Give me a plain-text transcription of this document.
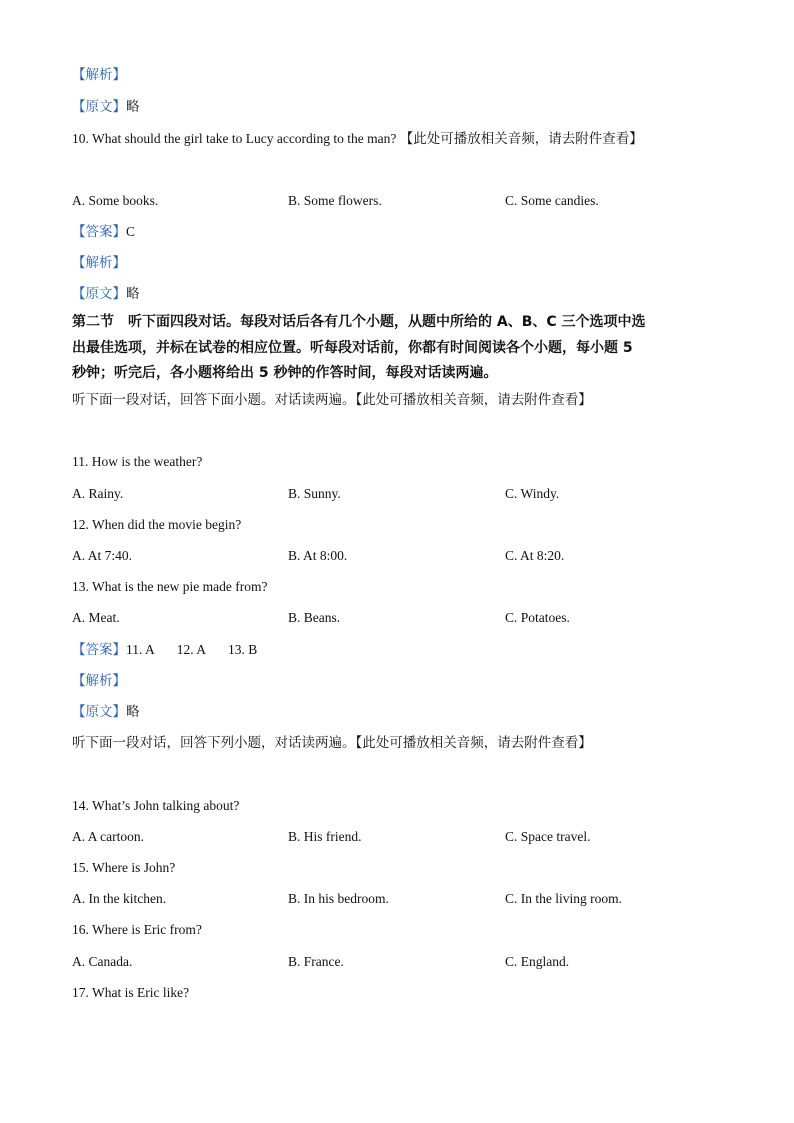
【解析】
【原文】略
10. What should the girl take to Lucy according to the man? 【此处可播放相关音频，请去附件查看】
A. Some books.	B. Some flowers.	C. Some candies.
【答案】C
【解析】
【原文】略
第二节　听下面四段对话。每段对话后各有几个小题，从题中所给的 A、B、C 三个选项中选
出最佳选项，并标在试卷的相应位置。听每段对话前，你都有时间阅读各个小题，每小题 5
秒钟；听完后，各小题将给出 5 秒钟的作答时间，每段对话读两遍。
听下面一段对话，回答下面小题。对话读两遍。【此处可播放相关音频，请去附件查看】
11. How is the weather?
A. Rainy.	B. Sunny.	C. Windy.
12. When did the movie begin?
A. At 7:40.	B. At 8:00.	C. At 8:20.
13. What is the new pie made from?
A. Meat.	B. Beans.	C. Potatoes.
【答案】11. A 12. A 13. B
【解析】
【原文】略
听下面一段对话，回答下列小题，对话读两遍。【此处可播放相关音频，请去附件查看】
14. What’s John talking about?
A. A cartoon.	B. His friend.	C. Space travel.
15. Where is John?
A. In the kitchen.	B. In his bedroom.	C. In the living room.
16. Where is Eric from?
A. Canada.	B. France.	C. England.
17. What is Eric like?
